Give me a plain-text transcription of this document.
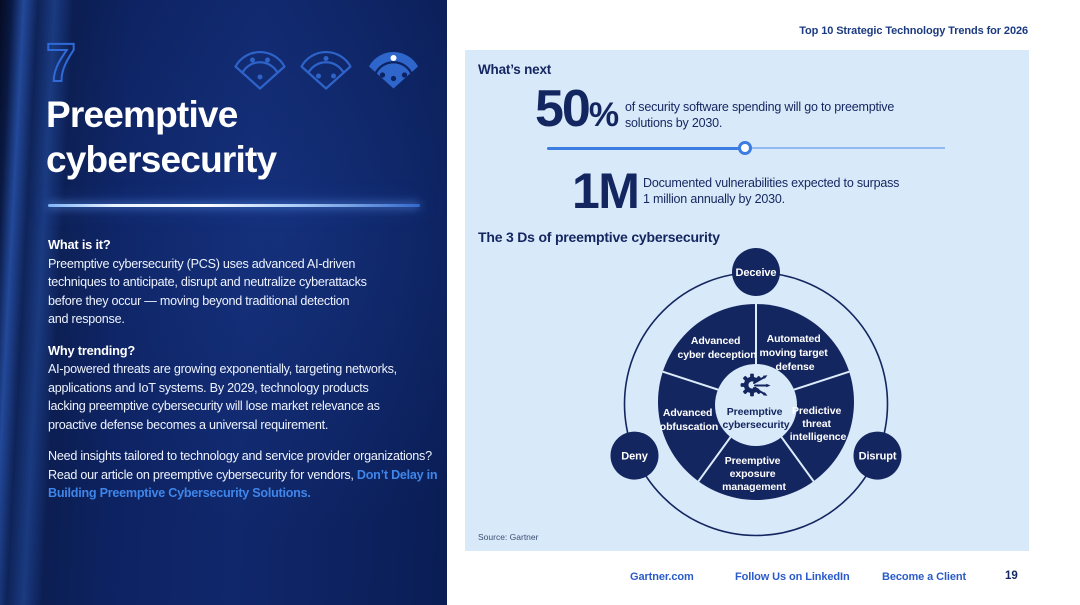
7
Preemptive
cybersecurity
What is it?
Preemptive cybersecurity (PCS) uses advanced AI-driven
techniques to anticipate, disrupt and neutralize cyberattacks
before they occur — moving beyond traditional detection
and response.
Why trending?
AI-powered threats are growing exponentially, targeting networks,
applications and IoT systems. By 2029, technology products
lacking preemptive cybersecurity will lose market relevance as
proactive defense becomes a universal requirement.

Need insights tailored to technology and service provider organizations? Read our article on preemptive cybersecurity for vendors, Don’t Delay in Building Preemptive Cybersecurity Solutions.

Top 10 Strategic Technology Trends for 2026
What’s next
50% of security software spending will go to preemptive
solutions by 2030.
1M Documented vulnerabilities expected to surpass
1 million annually by 2030.
The 3 Ds of preemptive cybersecurity
Advanced cyber deception
Automated moving target defense
Predictive threat intelligence
Preemptive exposure management
Advanced obfuscation
Preemptive cybersecurity
Deceive
Deny	Disrupt
Source: Gartner
Gartner.com	Follow Us on LinkedIn	Become a Client	19
